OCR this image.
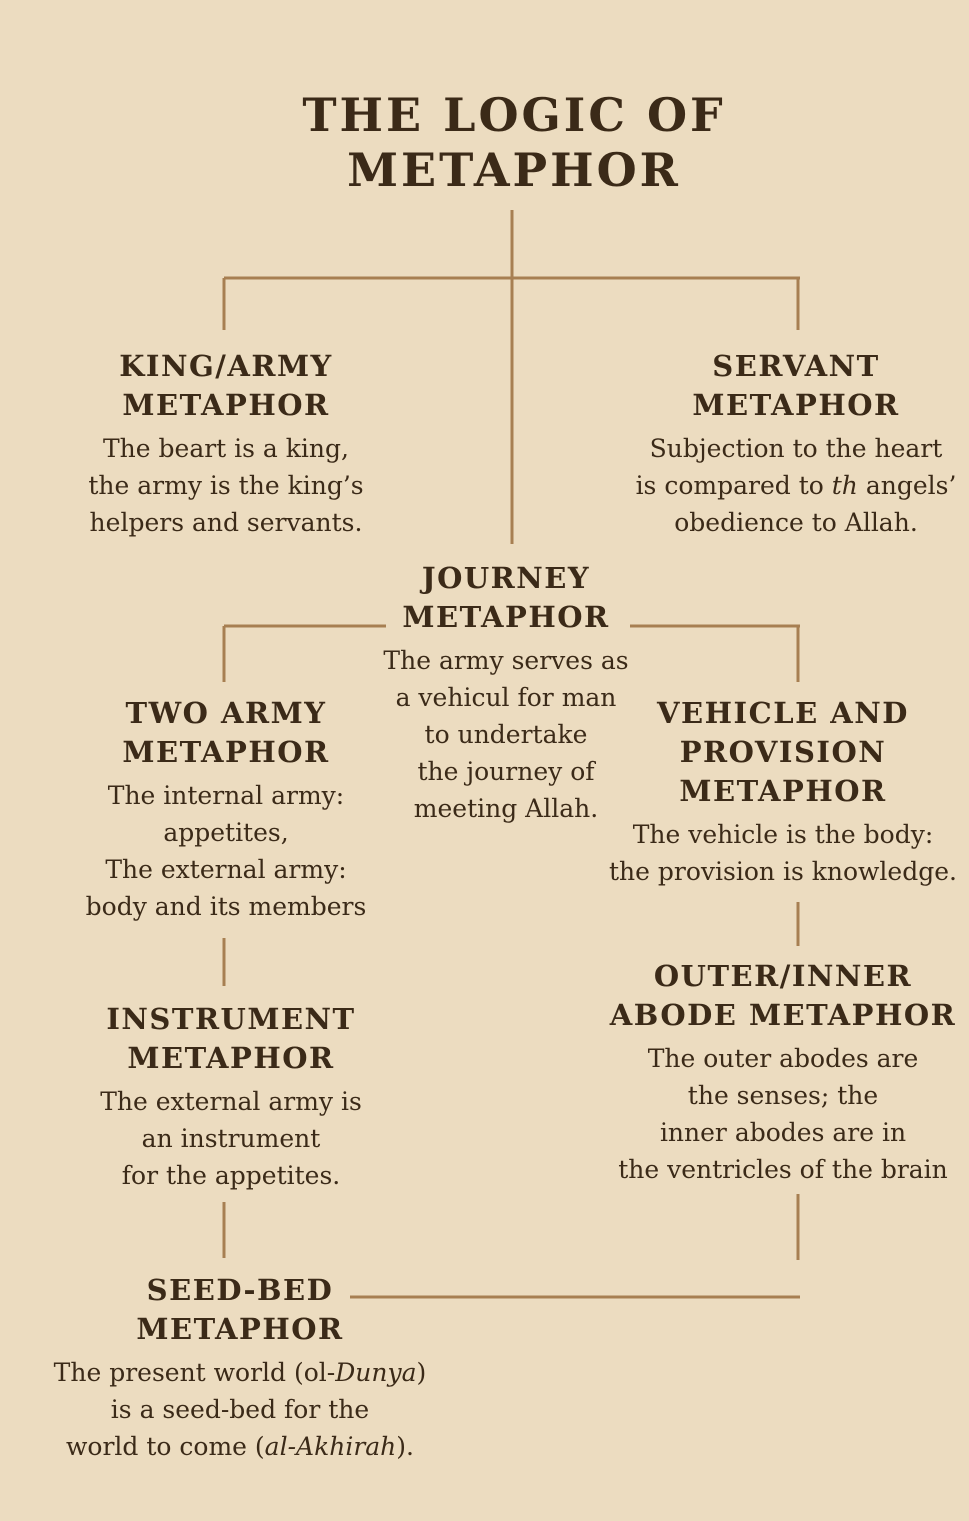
THE LOGIC OF
METAPHOR
KING/ARMY
METAPHOR
The beart is a king,
the army is the king’s
helpers and servants.
SERVANT
METAPHOR
Subjection to the heart
is compared to th angels’
obedience to Allah.
JOURNEY
METAPHOR
The army serves as
a vehicul for man
to undertake
the journey of
meeting Allah.
TWO ARMY
METAPHOR
The internal army:
appetites,
The external army:
body and its members
VEHICLE AND
PROVISION
METAPHOR
The vehicle is the body:
the provision is knowledge.
OUTER/INNER
ABODE METAPHOR
The outer abodes are
the senses; the
inner abodes are in
the ventricles of the brain
INSTRUMENT
METAPHOR
The external army is
an instrument
for the appetites.
SEED-BED
METAPHOR
The present world (ol-Dunya)
is a seed-bed for the
world to come (al-Akhirah).
